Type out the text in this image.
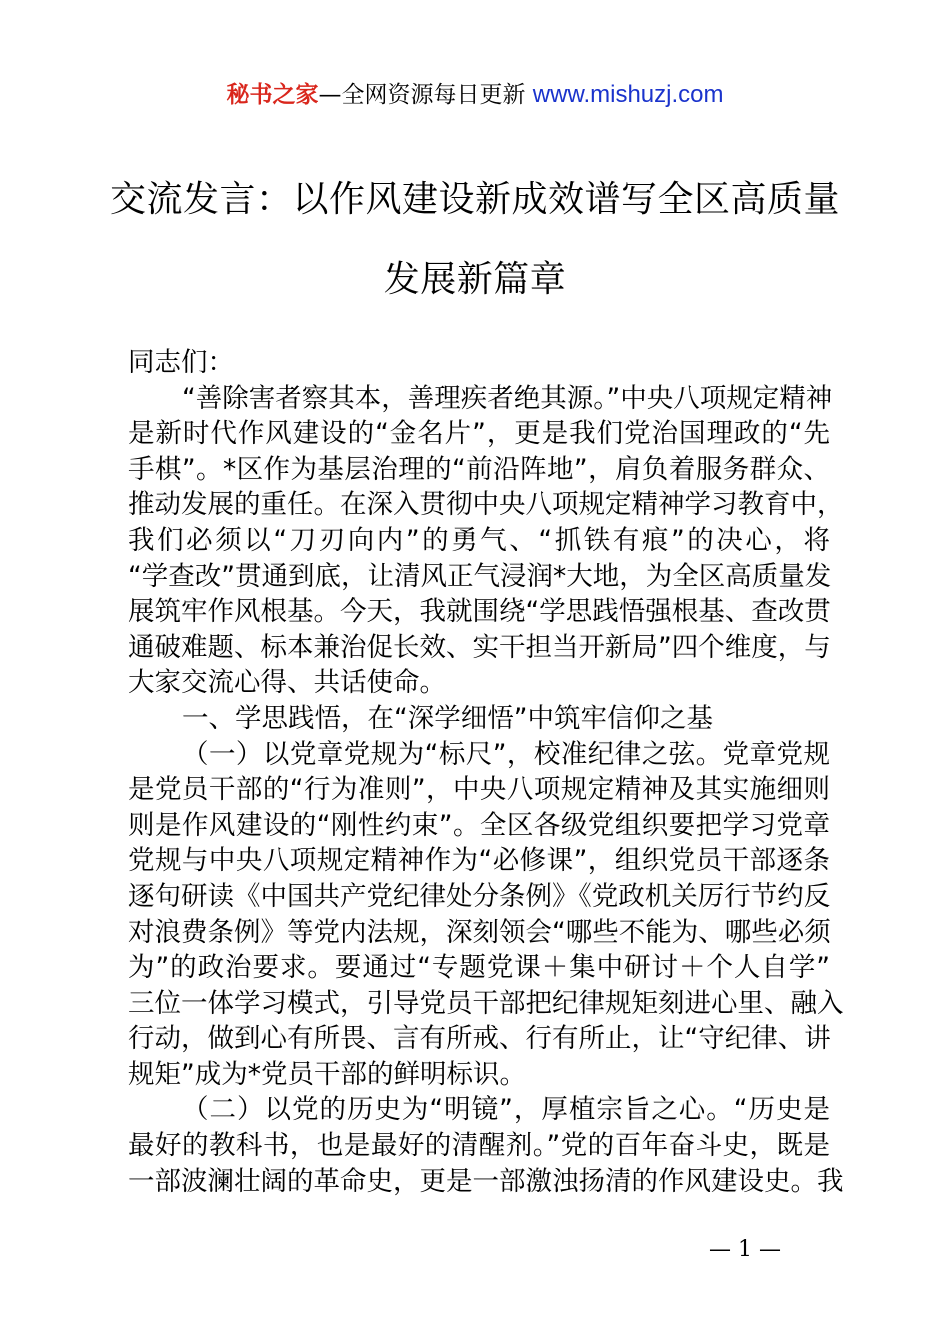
秘书之家—全网资源每日更新 www.mishuzj.com
交流发言：以作风建设新成效谱写全区高质量
发展新篇章
同志们：
“善除害者察其本，善理疾者绝其源。”中央八项规定精神
是新时代作风建设的“金名片”，更是我们党治国理政的“先
手棋”。*区作为基层治理的“前沿阵地”，肩负着服务群众、
推动发展的重任。在深入贯彻中央八项规定精神学习教育中，
我们必须以“刀刃向内”的勇气、“抓铁有痕”的决心，将
“学查改”贯通到底，让清风正气浸润*大地，为全区高质量发
展筑牢作风根基。今天，我就围绕“学思践悟强根基、查改贯
通破难题、标本兼治促长效、实干担当开新局”四个维度，与
大家交流心得、共话使命。
一、学思践悟，在“深学细悟”中筑牢信仰之基
（一）以党章党规为“标尺”，校准纪律之弦。党章党规
是党员干部的“行为准则”，中央八项规定精神及其实施细则
则是作风建设的“刚性约束”。全区各级党组织要把学习党章
党规与中央八项规定精神作为“必修课”，组织党员干部逐条
逐句研读《中国共产党纪律处分条例》《党政机关厉行节约反
对浪费条例》等党内法规，深刻领会“哪些不能为、哪些必须
为”的政治要求。要通过“专题党课＋集中研讨＋个人自学”
三位一体学习模式，引导党员干部把纪律规矩刻进心里、融入
行动，做到心有所畏、言有所戒、行有所止，让“守纪律、讲
规矩”成为*党员干部的鲜明标识。
（二）以党的历史为“明镜”，厚植宗旨之心。“历史是
最好的教科书，也是最好的清醒剂。”党的百年奋斗史，既是
一部波澜壮阔的革命史，更是一部激浊扬清的作风建设史。我
— 1 —
